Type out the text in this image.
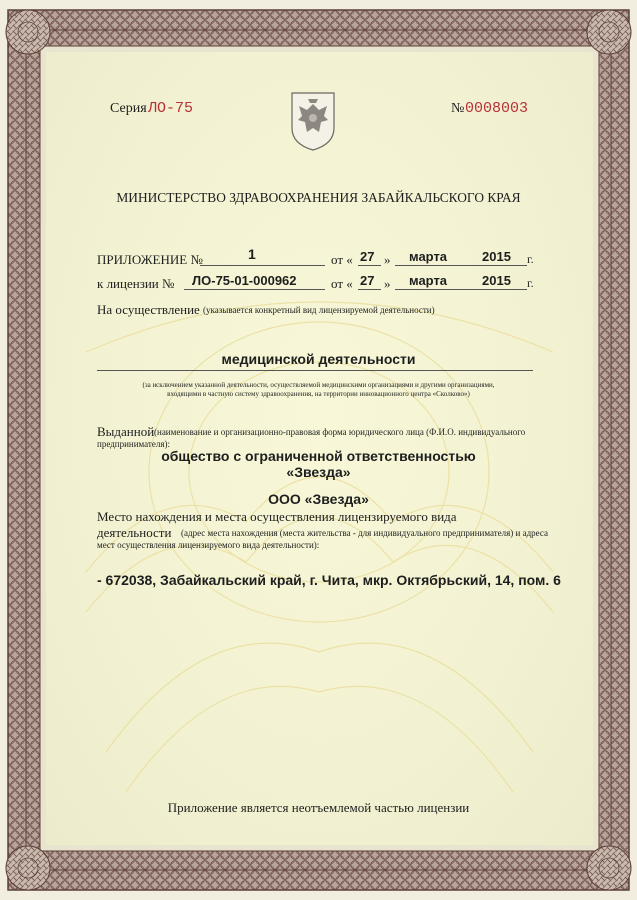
Серия ЛО-75	№ 0008003
МИНИСТЕРСТВО ЗДРАВООХРАНЕНИЯ ЗАБАЙКАЛЬСКОГО КРАЯ
ПРИЛОЖЕНИЕ №	1	от « 27 » марта	2015 г.
к лицензии № ЛО-75-01-000962	от « 27 » марта	2015 г.
На осуществление (указывается конкретный вид лицензируемой деятельности)
медицинской деятельности
(за исключением указанной деятельности, осуществляемой медицинскими организациями и другими организациями,
входящими в частную систему здравоохранения, на территории инновационного центра «Сколково»)
Выданной (наименование и организационно-правовая форма юридического лица (Ф.И.О. индивидуального
предпринимателя):
общество с ограниченной ответственностью
«Звезда»
ООО «Звезда»
Место нахождения и места осуществления лицензируемого вида
деятельности (адрес места нахождения (места жительства - для индивидуального предпринимателя) и адреса
мест осуществления лицензируемого вида деятельности):
- 672038, Забайкальский край, г. Чита, мкр. Октябрьский, 14, пом. 6
Приложение является неотъемлемой частью лицензии
